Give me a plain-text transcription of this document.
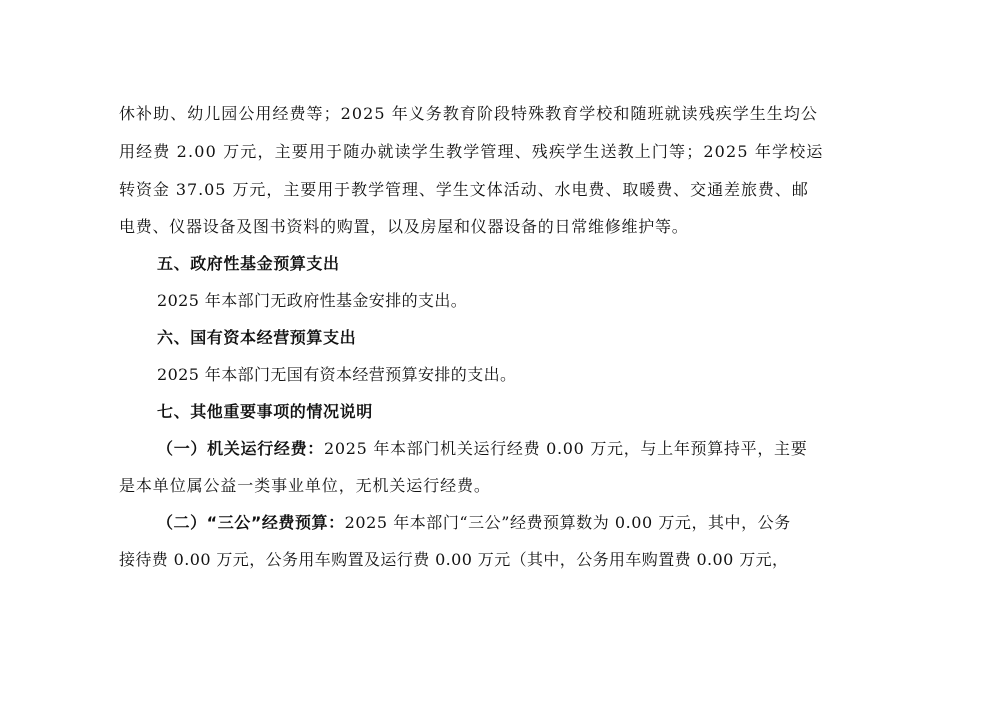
休补助、幼儿园公用经费等；2025 年义务教育阶段特殊教育学校和随班就读残疾学生生均公
用经费 2.00 万元，主要用于随办就读学生教学管理、残疾学生送教上门等；2025 年学校运
转资金 37.05 万元，主要用于教学管理、学生文体活动、水电费、取暖费、交通差旅费、邮
电费、仪器设备及图书资料的购置，以及房屋和仪器设备的日常维修维护等。
五、政府性基金预算支出
2025 年本部门无政府性基金安排的支出。
六、国有资本经营预算支出
2025 年本部门无国有资本经营预算安排的支出。
七、其他重要事项的情况说明
（一）机关运行经费：2025 年本部门机关运行经费 0.00 万元，与上年预算持平，主要
是本单位属公益一类事业单位，无机关运行经费。
（二）“三公”经费预算：2025 年本部门“三公”经费预算数为 0.00 万元，其中，公务
接待费 0.00 万元，公务用车购置及运行费 0.00 万元（其中，公务用车购置费 0.00 万元，
